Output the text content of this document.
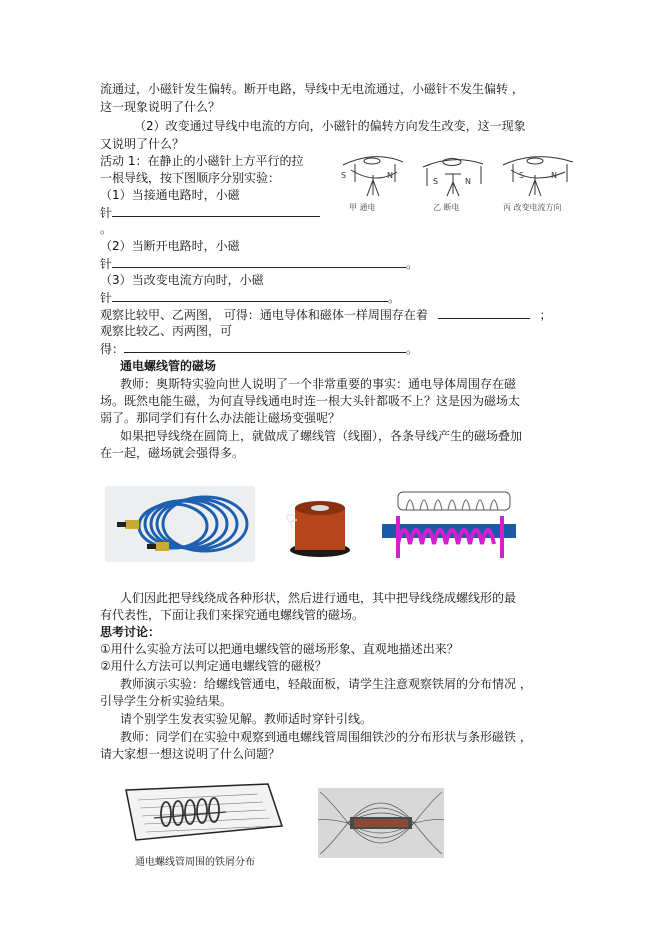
流通过，小磁针发生偏转。断开电路，导线中无电流通过，小磁针不发生偏转 ，
这一现象说明了什么？
（2）改变通过导线中电流的方向，小磁针的偏转方向发生改变，这一现象
又说明了什么？
活动 1：在静止的小磁针上方平行的拉
一根导线，按下图顺序分别实验：
（1）当接通电路时，小磁
针
。
（2）当断开电路时，小磁
针	。
（3）当改变电流方向时，小磁
针	。
观察比较甲、乙两图， 可得：通电导体和磁体一样周围存在着	；
观察比较乙、丙两图，可
得：	。
S	N
S	N
S	N
甲 通电	乙 断电	丙 改变电流方向
通电螺线管的磁场
教师：奥斯特实验向世人说明了一个非常重要的事实：通电导体周围存在磁
场。既然电能生磁，为何直导线通电时连一根大头针都吸不上？这是因为磁场太
弱了。那同学们有什么办法能让磁场变强呢？
如果把导线绕在圆筒上，就做成了螺线管（线圈），各条导线产生的磁场叠加
在一起，磁场就会强得多。
人们因此把导线绕成各种形状，然后进行通电，其中把导线绕成螺线形的最
有代表性，下面让我们来探究通电螺线管的磁场。
思考讨论：
①用什么实验方法可以把通电螺线管的磁场形象、直观地描述出来？
②用什么方法可以判定通电螺线管的磁极？
教师演示实验：给螺线管通电，轻敲面板，请学生注意观察铁屑的分布情况 ，
引导学生分析实验结果。
请个别学生发表实验见解。教师适时穿针引线。
教师：同学们在实验中观察到通电螺线管周围细铁沙的分布形状与条形磁铁 ，
请大家想一想这说明了什么问题？
通电螺线管周围的铁屑分布
